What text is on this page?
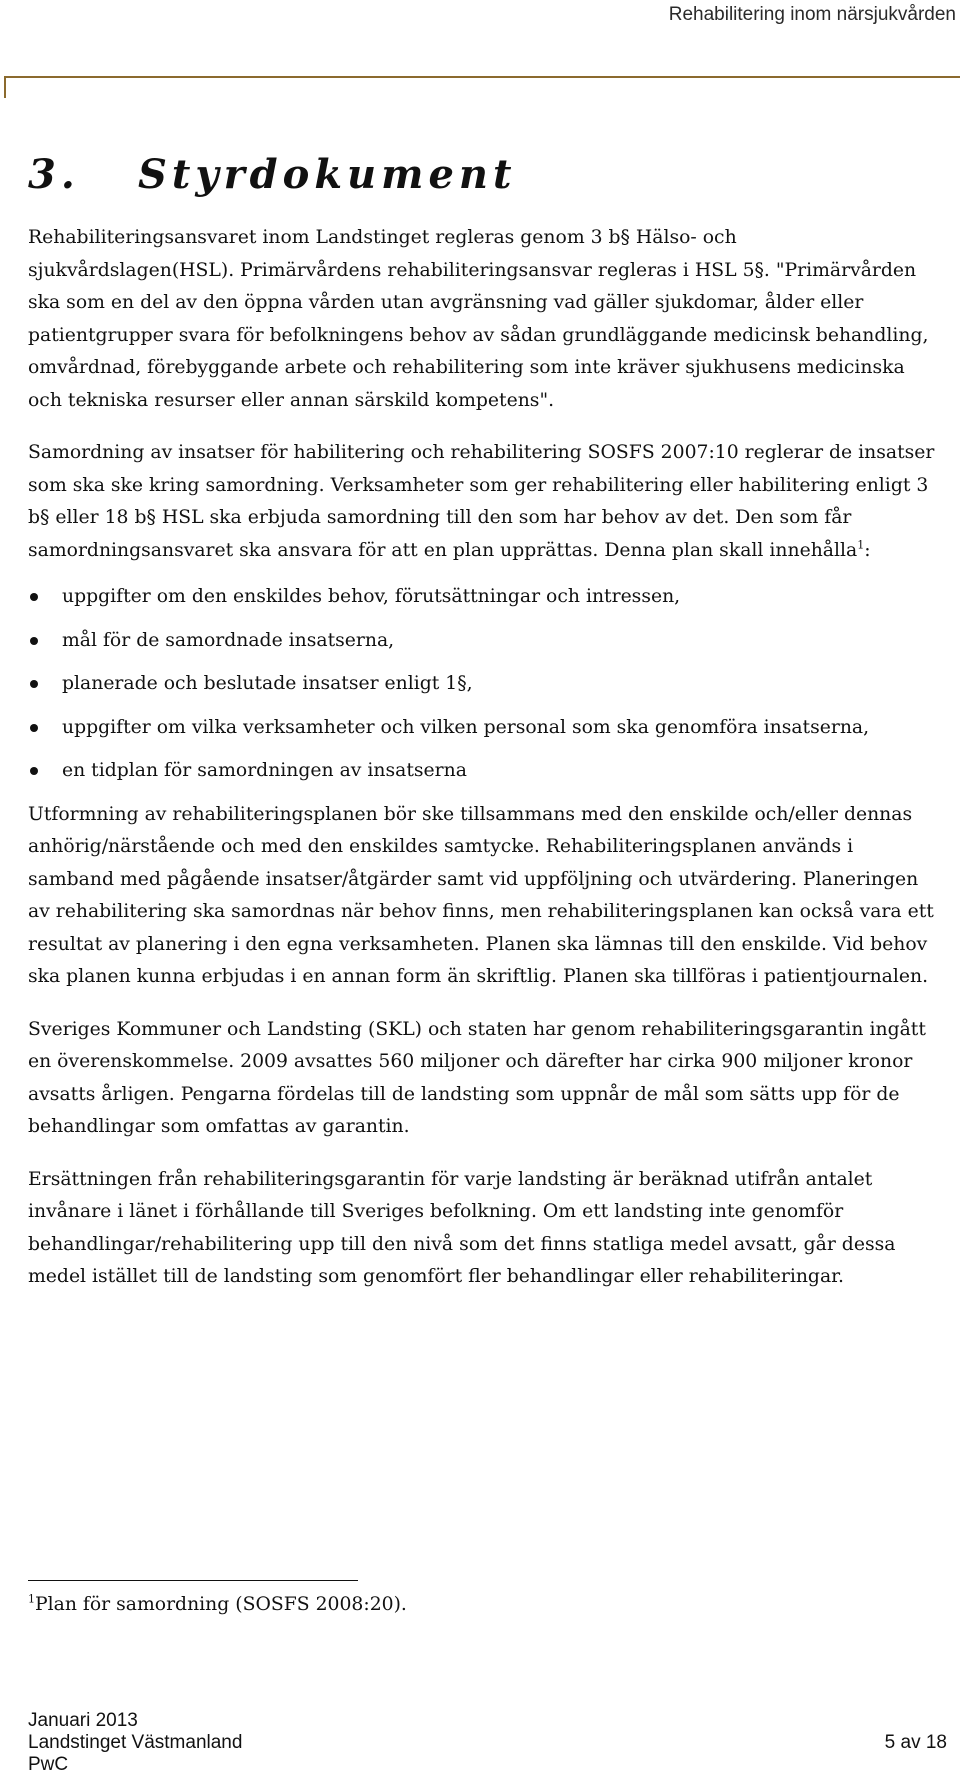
Rehabilitering inom närsjukvården
3. Styrdokument

Rehabiliteringsansvaret inom Landstinget regleras genom 3 b§ Hälso- och sjukvårdslagen(HSL). Primärvårdens rehabiliteringsansvar regleras i HSL 5§. "Primärvården ska som en del av den öppna vården utan avgränsning vad gäller sjukdomar, ålder eller patientgrupper svara för befolkningens behov av sådan grundläggande medicinsk behandling, omvårdnad, förebyggande arbete och rehabilitering som inte kräver sjukhusens medicinska och tekniska resurser eller annan särskild kompetens".

Samordning av insatser för habilitering och rehabilitering SOSFS 2007:10 reglerar de insatser som ska ske kring samordning. Verksamheter som ger rehabilitering eller habilitering enligt 3 b§ eller 18 b§ HSL ska erbjuda samordning till den som har behov av det. Den som får samordningsansvaret ska ansvara för att en plan upprättas. Denna plan skall innehålla$^1$:

uppgifter om den enskildes behov, förutsättningar och intressen,
mål för de samordnade insatserna,
planerade och beslutade insatser enligt 1§,
uppgifter om vilka verksamheter och vilken personal som ska genomföra insatserna,
en tidplan för samordningen av insatserna

Utformning av rehabiliteringsplanen bör ske tillsammans med den enskilde och/eller dennas anhörig/närstående och med den enskildes samtycke. Rehabiliteringsplanen används i samband med pågående insatser/åtgärder samt vid uppföljning och utvärdering. Planeringen av rehabilitering ska samordnas när behov finns, men rehabiliteringsplanen kan också vara ett resultat av planering i den egna verksamheten. Planen ska lämnas till den enskilde. Vid behov ska planen kunna erbjudas i en annan form än skriftlig. Planen ska tillföras i patientjournalen.

Sveriges Kommuner och Landsting (SKL) och staten har genom rehabiliteringsgarantin ingått en överenskommelse. 2009 avsattes 560 miljoner och därefter har cirka 900 miljoner kronor avsatts årligen. Pengarna fördelas till de landsting som uppnår de mål som sätts upp för de behandlingar som omfattas av garantin.

Ersättningen från rehabiliteringsgarantin för varje landsting är beräknad utifrån antalet invånare i länet i förhållande till Sveriges befolkning. Om ett landsting inte genomför behandlingar/rehabilitering upp till den nivå som det finns statliga medel avsatt, går dessa medel istället till de landsting som genomfört fler behandlingar eller rehabiliteringar.

$^1$Plan för samordning (SOSFS 2008:20).
Januari 2013
Landstinget Västmanland
PwC
5 av 18
